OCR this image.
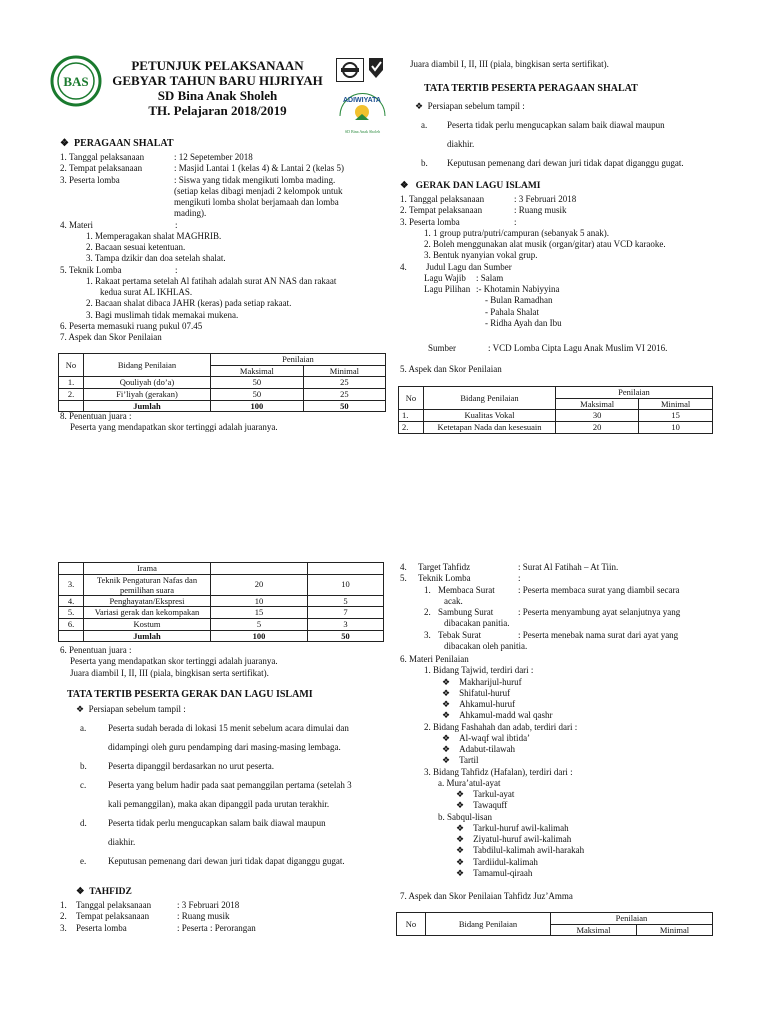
BAS
PETUNJUK PELAKSANAAN
GEBYAR TAHUN BARU HIJRIYAH
SD Bina Anak Sholeh
TH. Pelajaran 2018/2019
ADIWIYATA
SD Bina Anak Sholeh
❖ PERAGAAN SHALAT
1. Tanggal pelaksanaan	: 12 Sepetember 2018
2. Tempat pelaksanaan	: Masjid Lantai 1 (kelas 4) & Lantai 2 (kelas 5)
3. Peserta lomba	: Siswa yang tidak mengikuti lomba mading.
(setiap kelas dibagi menjadi 2 kelompok untuk
mengikuti lomba sholat berjamaah dan lomba
mading).
4. Materi	:
1. Memperagakan shalat MAGHRIB.
2. Bacaan sesuai ketentuan.
3. Tampa dzikir dan doa setelah shalat.
5. Teknik Lomba	:
1. Rakaat pertama setelah Al fatihah adalah surat AN NAS dan rakaat
kedua surat AL IKHLAS.
2. Bacaan shalat dibaca JAHR (keras) pada setiap rakaat.
3. Bagi muslimah tidak memakai mukena.
6. Peserta memasuki ruang pukul 07.45
7. Aspek dan Skor Penilaian
No	Bidang Penilaian	Penilaian	
		Maksimal	Minimal
1.	Qouliyah (do’a)	50	25
2.	Fi’liyah (gerakan)	50	25
	Jumlah	100	50
8. Penentuan juara :
Peserta yang mendapatkan skor tertinggi adalah juaranya.
Juara diambil I, II, III (piala, bingkisan serta sertifikat).
TATA TERTIB PESERTA PERAGAAN SHALAT
❖ Persiapan sebelum tampil :
a. Peserta tidak perlu mengucapkan salam baik diawal maupun
diakhir.
b. Keputusan pemenang dari dewan juri tidak dapat diganggu gugat.
❖ GERAK DAN LAGU ISLAMI
1. Tanggal pelaksanaan	: 3 Februari 2018
2. Tempat pelaksanaan	: Ruang musik
3. Peserta lomba	:
1. 1 group putra/putri/campuran (sebanyak 5 anak).
2. Boleh menggunakan alat musik (organ/gitar) atau VCD karaoke.
3. Bentuk nyanyian vokal grup.
4. Judul Lagu dan Sumber
Lagu Wajib : Salam
Lagu Pilihan :- Khotamin Nabiyyina
- Bulan Ramadhan
- Pahala Shalat
- Ridha Ayah dan Ibu
Sumber	: VCD Lomba Cipta Lagu Anak Muslim VI 2016.
5. Aspek dan Skor Penilaian
No	Bidang Penilaian	Penilaian	
		Maksimal	Minimal
1.	Kualitas Vokal	30	15
2.	Ketetapan Nada dan kesesuain	20	10
	Irama		
3.	Teknik Pengaturan Nafas dan pemilihan suara	20	10
4.	Penghayatan/Ekspresi	10	5
5.	Variasi gerak dan kekompakan	15	7
6.	Kostum	5	3
	Jumlah	100	50
6. Penentuan juara :
Peserta yang mendapatkan skor tertinggi adalah juaranya.
Juara diambil I, II, III (piala, bingkisan serta sertifikat).
TATA TERTIB PESERTA GERAK DAN LAGU ISLAMI
❖ Persiapan sebelum tampil :
a. Peserta sudah berada di lokasi 15 menit sebelum acara dimulai dan
didampingi oleh guru pendamping dari masing-masing lembaga.
b. Peserta dipanggil berdasarkan no urut peserta.
c. Peserta yang belum hadir pada saat pemanggilan pertama (setelah 3
kali pemanggilan), maka akan dipanggil pada urutan terakhir.
d. Peserta tidak perlu mengucapkan salam baik diawal maupun
diakhir.
e. Keputusan pemenang dari dewan juri tidak dapat diganggu gugat.
❖ TAHFIDZ
1. Tanggal pelaksanaan	: 3 Februari 2018
2. Tempat pelaksanaan	: Ruang musik
3. Peserta lomba	: Peserta : Perorangan
4. Target Tahfidz	: Surat Al Fatihah – At Tiin.
5. Teknik Lomba	:
1. Membaca Surat	: Peserta membaca surat yang diambil secara
acak.
2. Sambung Surat	: Peserta menyambung ayat selanjutnya yang
dibacakan panitia.
3. Tebak Surat	: Peserta menebak nama surat dari ayat yang
dibacakan oleh panitia.
6. Materi Penilaian
1. Bidang Tajwid, terdiri dari :
❖ Makharijul-huruf
❖ Shifatul-huruf
❖ Ahkamul-huruf
❖ Ahkamul-madd wal qashr
2. Bidang Fashahah dan adab, terdiri dari :
❖ Al-waqf wal ibtida’
❖ Adabut-tilawah
❖ Tartil
3. Bidang Tahfidz (Hafalan), terdiri dari :
a. Mura’atul-ayat
❖ Tarkul-ayat
❖ Tawaquff
b. Sabqul-lisan
❖ Tarkul-huruf awil-kalimah
❖ Ziyatul-huruf awil-kalimah
❖ Tabdilul-kalimah awil-harakah
❖ Tardiidul-kalimah
❖ Tamamul-qiraah
7. Aspek dan Skor Penilaian Tahfidz Juz’Amma
No	Bidang Penilaian	Penilaian	
		Maksimal	Minimal
